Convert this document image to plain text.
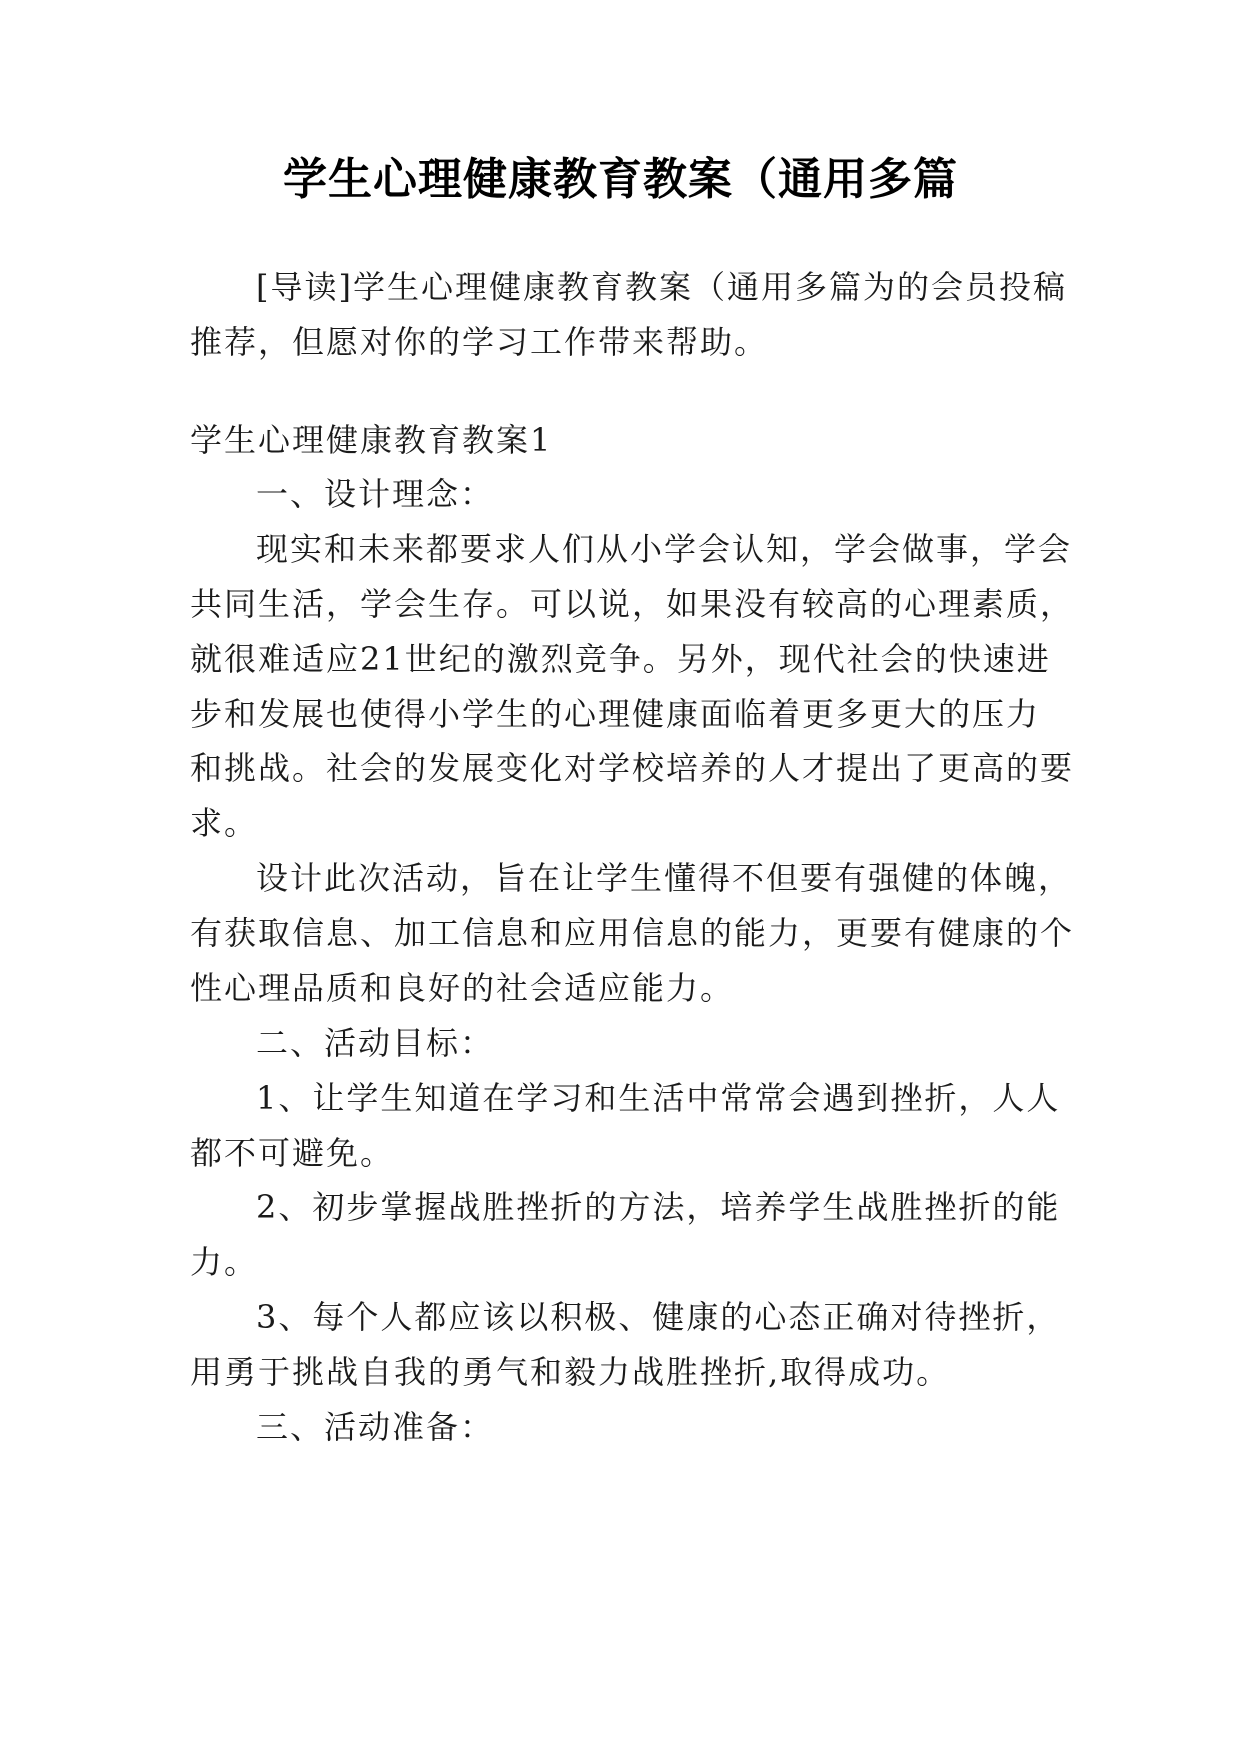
学生心理健康教育教案（通用多篇
[导读]学生心理健康教育教案（通用多篇为的会员投稿
推荐，但愿对你的学习工作带来帮助。
学生心理健康教育教案1
一、设计理念：
现实和未来都要求人们从小学会认知，学会做事，学会
共同生活，学会生存。可以说，如果没有较高的心理素质，
就很难适应21世纪的激烈竞争。另外，现代社会的快速进
步和发展也使得小学生的心理健康面临着更多更大的压力
和挑战。社会的发展变化对学校培养的人才提出了更高的要
求。
设计此次活动，旨在让学生懂得不但要有强健的体魄，
有获取信息、加工信息和应用信息的能力，更要有健康的个
性心理品质和良好的社会适应能力。
二、活动目标：
1、让学生知道在学习和生活中常常会遇到挫折，人人
都不可避免。
2、初步掌握战胜挫折的方法，培养学生战胜挫折的能
力。
3、每个人都应该以积极、健康的心态正确对待挫折，
用勇于挑战自我的勇气和毅力战胜挫折,取得成功。
三、活动准备：
